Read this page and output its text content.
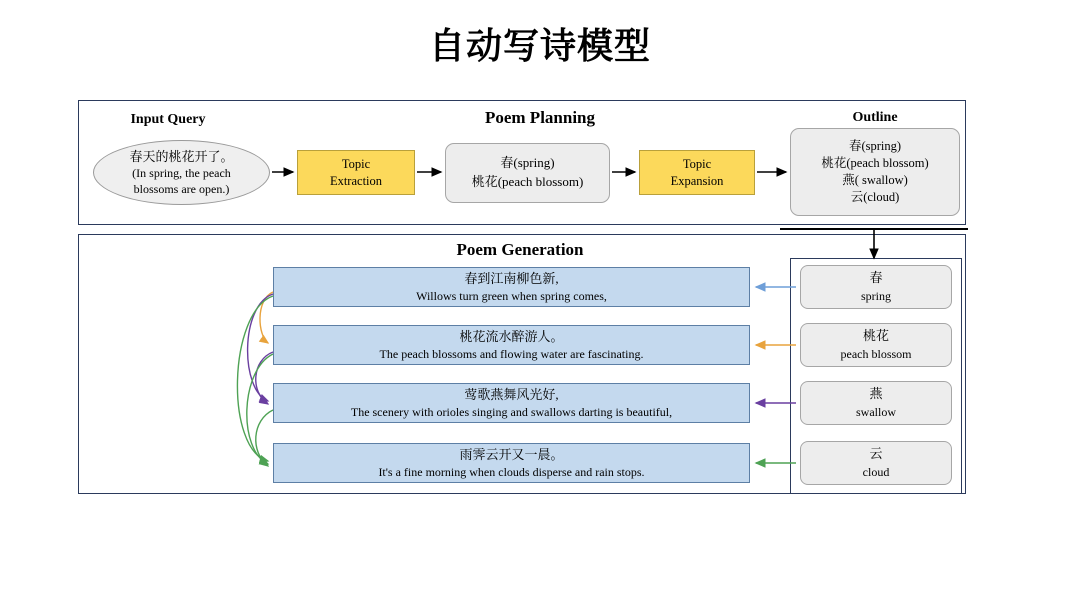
自动写诗模型
Input Query	Poem Planning	Outline
春天的桃花开了。
(In spring, the peach
blossoms are open.)
Topic
Extraction
春(spring)
桃花(peach blossom)
Topic
Expansion
春(spring)
桃花(peach blossom)
燕( swallow)
云(cloud)
Poem Generation
春到江南柳色新,
Willows turn green when spring comes,
桃花流水醉游人。
The peach blossoms and flowing water are fascinating.
莺歌燕舞风光好,
The scenery with orioles singing and swallows darting is beautiful,
雨霁云开又一晨。
It's a fine morning when clouds disperse and rain stops.
春
spring
桃花
peach blossom
燕
swallow
云
cloud
